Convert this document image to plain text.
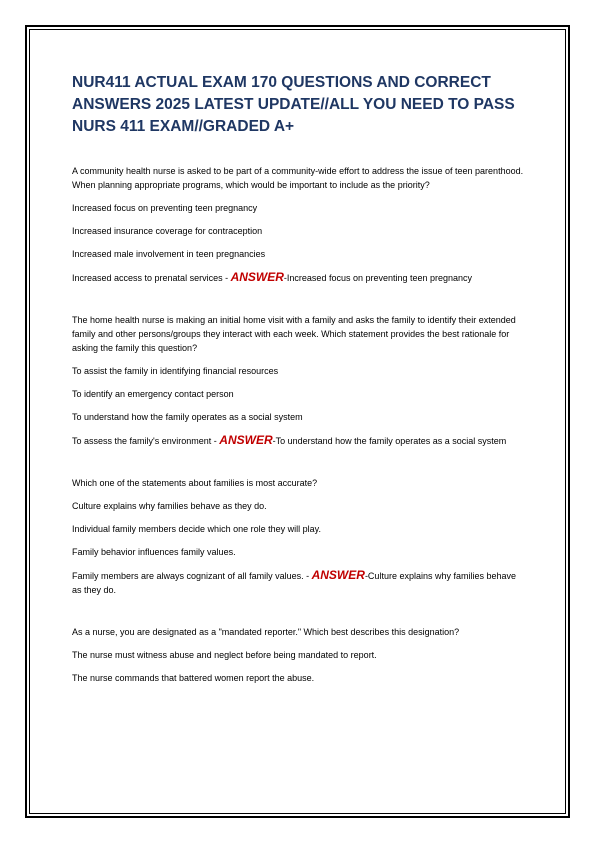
NUR411 ACTUAL EXAM 170 QUESTIONS AND CORRECT ANSWERS 2025 LATEST UPDATE//ALL YOU NEED TO PASS NURS 411 EXAM//GRADED A+

A community health nurse is asked to be part of a community-wide effort to address the issue of teen parenthood. When planning appropriate programs, which would be important to include as the priority?

Increased focus on preventing teen pregnancy

Increased insurance coverage for contraception

Increased male involvement in teen pregnancies

Increased access to prenatal services - ANSWER-Increased focus on preventing teen pregnancy

The home health nurse is making an initial home visit with a family and asks the family to identify their extended family and other persons/groups they interact with each week. Which statement provides the best rationale for asking the family this question?

To assist the family in identifying financial resources

To identify an emergency contact person

To understand how the family operates as a social system

To assess the family's environment - ANSWER-To understand how the family operates as a social system

Which one of the statements about families is most accurate?

Culture explains why families behave as they do.

Individual family members decide which one role they will play.

Family behavior influences family values.

Family members are always cognizant of all family values. - ANSWER-Culture explains why families behave as they do.

As a nurse, you are designated as a "mandated reporter." Which best describes this designation?

The nurse must witness abuse and neglect before being mandated to report.

The nurse commands that battered women report the abuse.
